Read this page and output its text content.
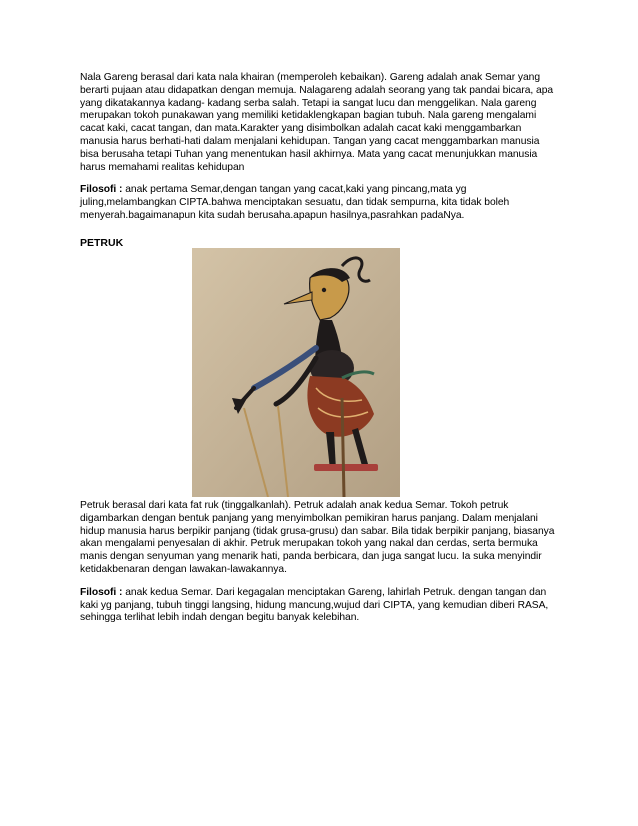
Nala Gareng berasal dari kata nala khairan (memperoleh kebaikan). Gareng adalah anak Semar yang

berarti pujaan atau didapatkan dengan memuja. Nalagareng adalah seorang yang tak pandai bicara, apa

yang dikatakannya kadang- kadang serba salah. Tetapi ia sangat lucu dan menggelikan. Nala gareng

merupakan tokoh punakawan yang memiliki ketidaklengkapan bagian tubuh. Nala gareng mengalami

cacat kaki, cacat tangan, dan mata.Karakter yang disimbolkan adalah cacat kaki menggambarkan

manusia harus berhati-hati dalam menjalani kehidupan. Tangan yang cacat menggambarkan manusia

bisa berusaha tetapi Tuhan yang menentukan hasil akhirnya. Mata yang cacat menunjukkan manusia

harus memahami realitas kehidupan

Filosofi : anak pertama Semar,dengan tangan yang cacat,kaki yang pincang,mata yg

juling,melambangkan CIPTA.bahwa menciptakan sesuatu, dan tidak sempurna, kita tidak boleh

menyerah.bagaimanapun kita sudah berusaha.apapun hasilnya,pasrahkan padaNya.

PETRUK

Petruk berasal dari kata fat ruk (tinggalkanlah). Petruk adalah anak kedua Semar. Tokoh petruk

digambarkan dengan bentuk panjang yang menyimbolkan pemikiran harus panjang. Dalam menjalani

hidup manusia harus berpikir panjang (tidak grusa-grusu) dan sabar. Bila tidak berpikir panjang, biasanya

akan mengalami penyesalan di akhir. Petruk merupakan tokoh yang nakal dan cerdas, serta bermuka

manis dengan senyuman yang menarik hati, panda berbicara, dan juga sangat lucu. Ia suka menyindir

ketidakbenaran dengan lawakan-lawakannya.

Filosofi : anak kedua Semar. Dari kegagalan menciptakan Gareng, lahirlah Petruk. dengan tangan dan

kaki yg panjang, tubuh tinggi langsing, hidung mancung,wujud dari CIPTA, yang kemudian diberi RASA,

sehingga terlihat lebih indah dengan begitu banyak kelebihan.
